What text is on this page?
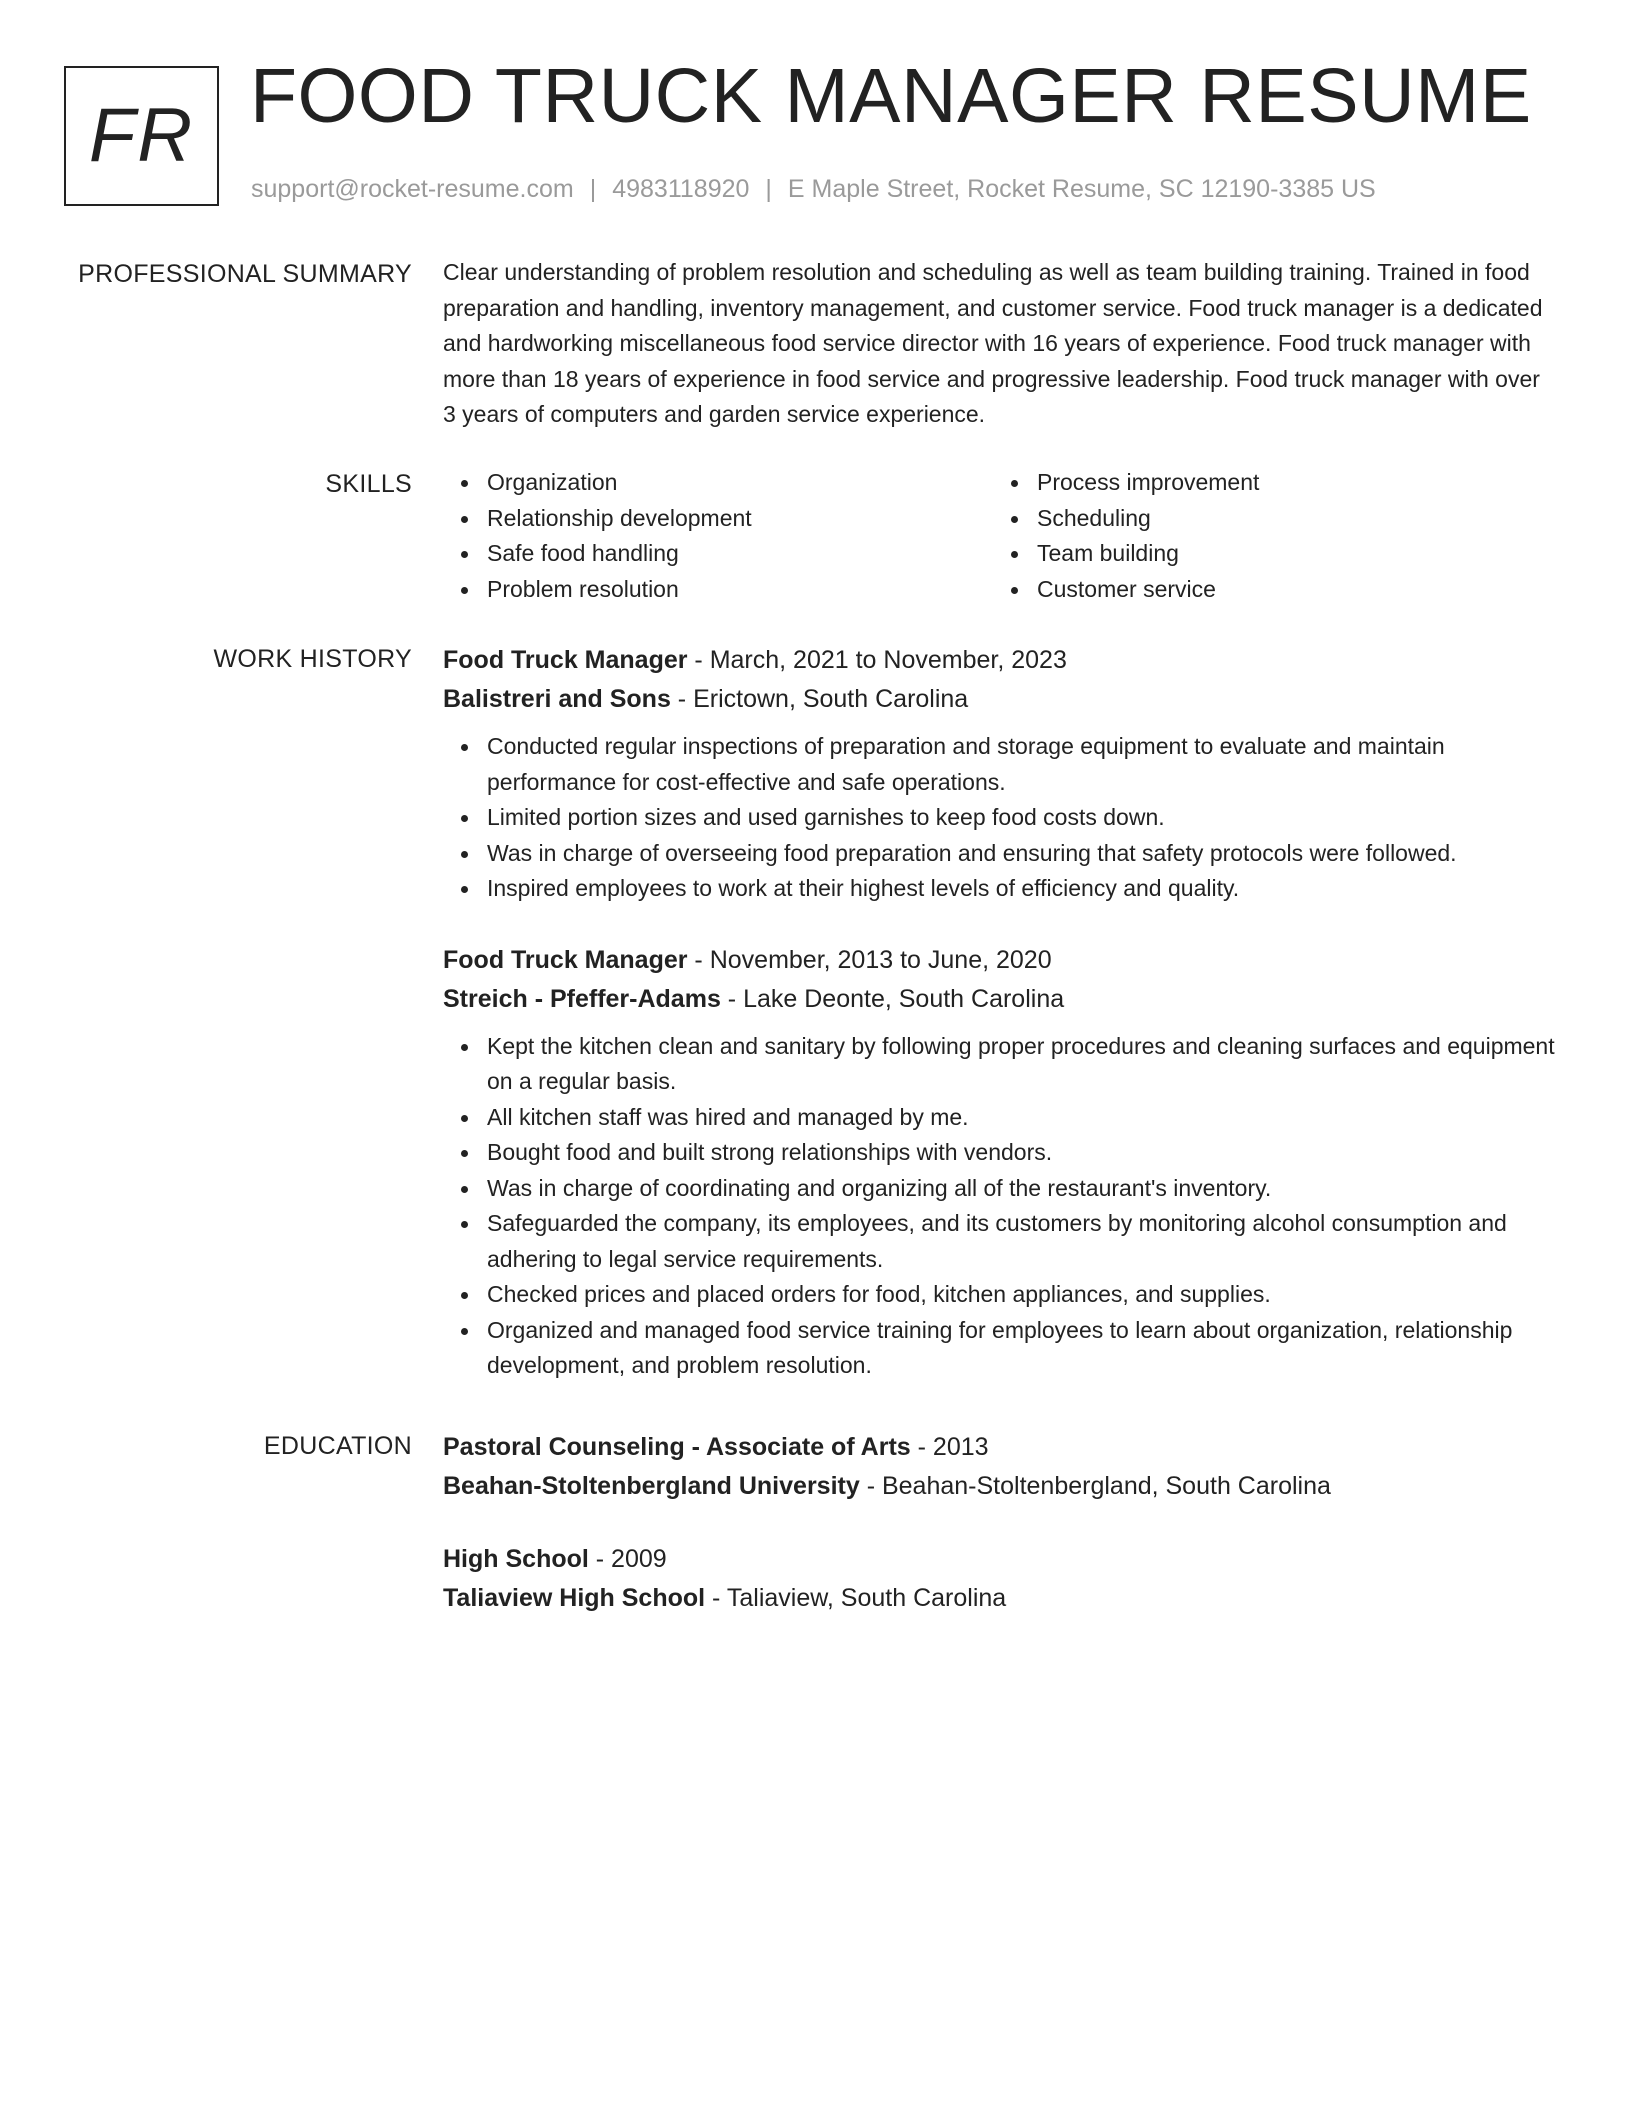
FR FOOD TRUCK MANAGER RESUME
support@rocket-resume.com | 4983118920 | E Maple Street, Rocket Resume, SC 12190-3385 US
PROFESSIONAL SUMMARY Clear understanding of problem resolution and scheduling as well as team building training. Trained in food preparation and handling, inventory management, and customer service. Food truck manager is a dedicated and hardworking miscellaneous food service director with 16 years of experience. Food truck manager with more than 18 years of experience in food service and progressive leadership. Food truck manager with over 3 years of computers and garden service experience.

SKILLS	Organization
Relationship development
Safe food handling
Problem resolution
Process improvement
Scheduling
Team building
Customer service
WORK HISTORY Food Truck Manager - March, 2021 to November, 2023
Balistreri and Sons - Erictown, South Carolina
Conducted regular inspections of preparation and storage equipment to evaluate and maintain performance for cost-effective and safe operations.
Limited portion sizes and used garnishes to keep food costs down.
Was in charge of overseeing food preparation and ensuring that safety protocols were followed.
Inspired employees to work at their highest levels of efficiency and quality.
Food Truck Manager - November, 2013 to June, 2020
Streich - Pfeffer-Adams - Lake Deonte, South Carolina
Kept the kitchen clean and sanitary by following proper procedures and cleaning surfaces and equipment on a regular basis.
All kitchen staff was hired and managed by me.
Bought food and built strong relationships with vendors.
Was in charge of coordinating and organizing all of the restaurant's inventory.
Safeguarded the company, its employees, and its customers by monitoring alcohol consumption and adhering to legal service requirements.
Checked prices and placed orders for food, kitchen appliances, and supplies.
Organized and managed food service training for employees to learn about organization, relationship development, and problem resolution.
EDUCATION Pastoral Counseling - Associate of Arts - 2013
Beahan-Stoltenbergland University - Beahan-Stoltenbergland, South Carolina
High School - 2009
Taliaview High School - Taliaview, South Carolina
